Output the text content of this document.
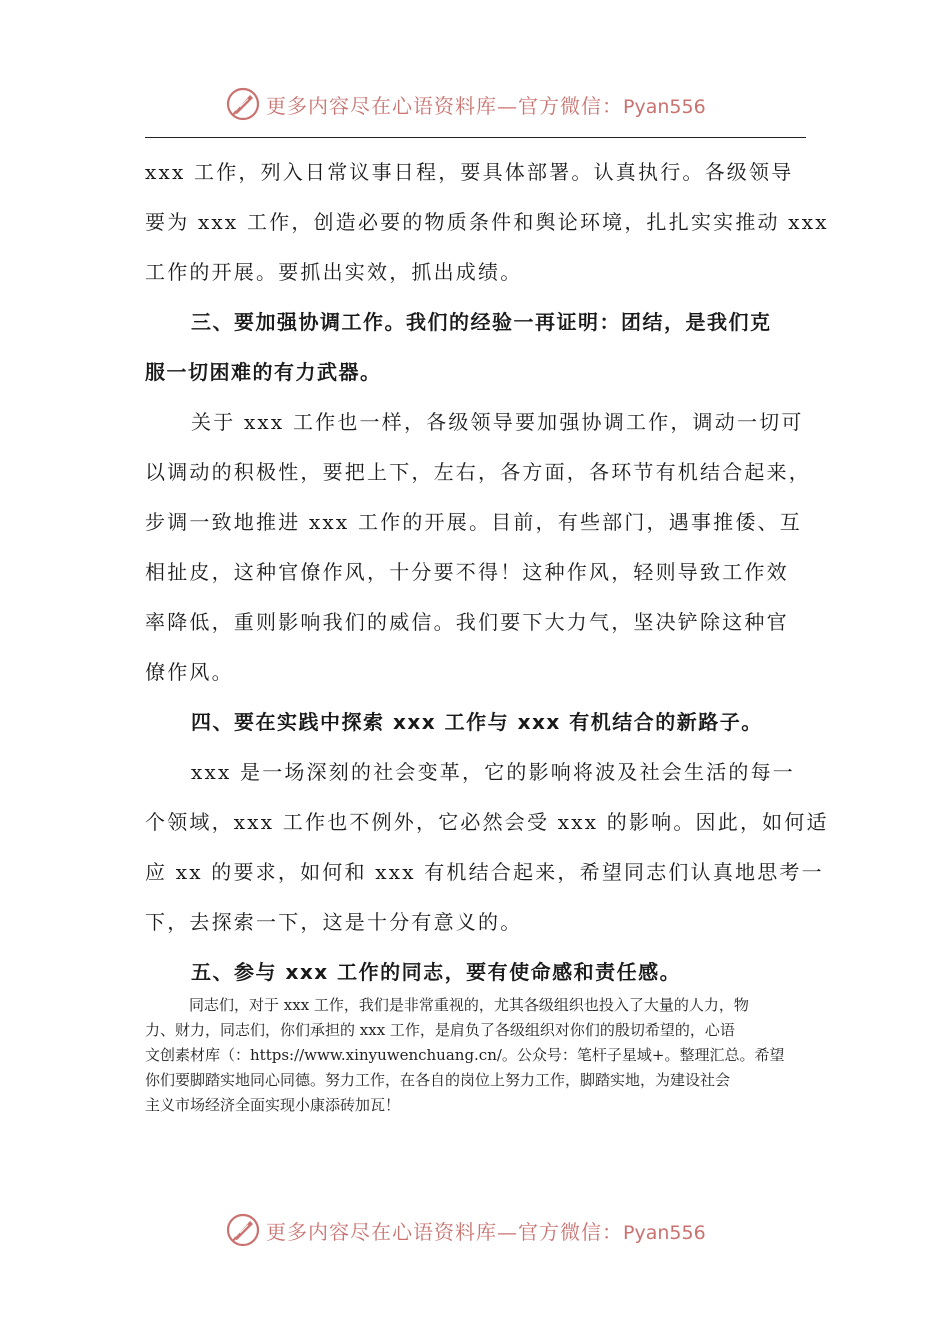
更多内容尽在心语资料库—官方微信：Pyan556
xxx 工作，列入日常议事日程，要具体部署。认真执行。各级领导
要为 xxx 工作，创造必要的物质条件和舆论环境，扎扎实实推动 xxx
工作的开展。要抓出实效，抓出成绩。
三、要加强协调工作。我们的经验一再证明：团结，是我们克
服一切困难的有力武器。
关于 xxx 工作也一样，各级领导要加强协调工作，调动一切可
以调动的积极性，要把上下，左右，各方面，各环节有机结合起来，
步调一致地推进 xxx 工作的开展。目前，有些部门，遇事推倭、互
相扯皮，这种官僚作风，十分要不得！这种作风，轻则导致工作效
率降低，重则影响我们的威信。我们要下大力气，坚决铲除这种官
僚作风。
四、要在实践中探索 xxx 工作与 xxx 有机结合的新路子。
xxx 是一场深刻的社会变革，它的影响将波及社会生活的每一
个领域，xxx 工作也不例外，它必然会受 xxx 的影响。因此，如何适
应 xx 的要求，如何和 xxx 有机结合起来，希望同志们认真地思考一
下，去探索一下，这是十分有意义的。
五、参与 xxx 工作的同志，要有使命感和责任感。
同志们，对于 xxx 工作，我们是非常重视的，尤其各级组织也投入了大量的人力，物
力、财力，同志们，你们承担的 xxx 工作，是肩负了各级组织对你们的殷切希望的，心语
文创素材库（：https://www.xinyuwenchuang.cn/。公众号：笔杆子星域+。整理汇总。希望
你们要脚踏实地同心同德。努力工作，在各自的岗位上努力工作，脚踏实地，为建设社会
主义市场经济全面实现小康添砖加瓦！
更多内容尽在心语资料库—官方微信：Pyan556
